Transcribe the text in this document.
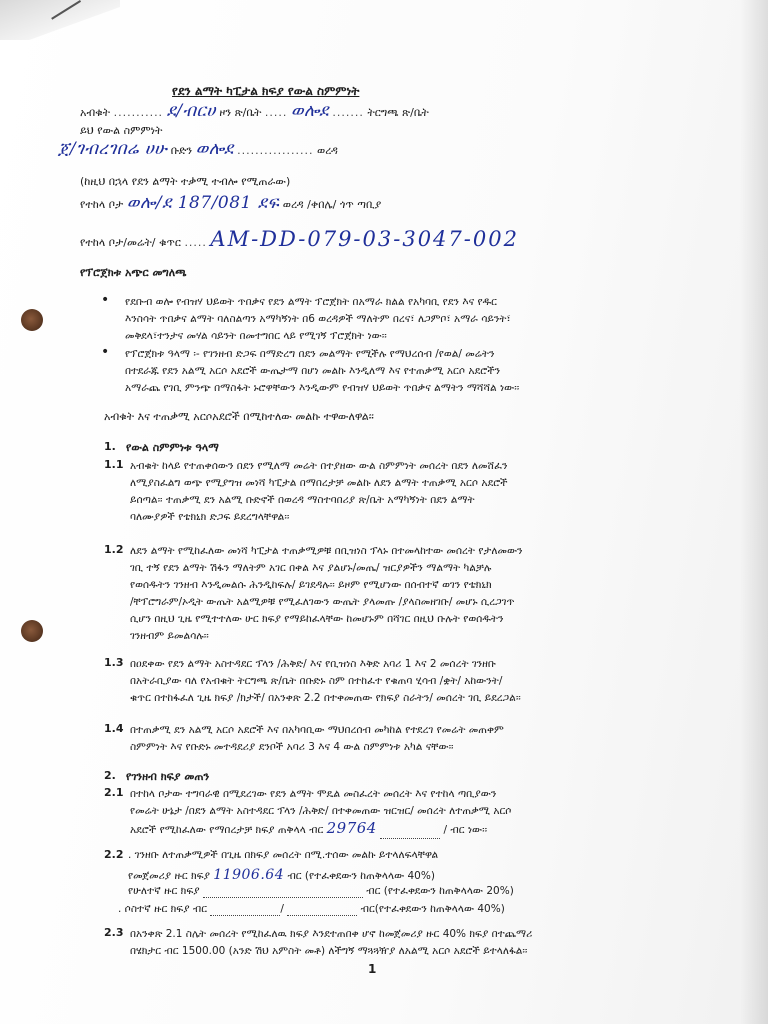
የደን ልማት ካፒታል ክፍያ የውል ስምምነት
አብቁት ........... ደ/ብርሀ ዞን ጽ/ቤት ..... ወሎደ ....... ትርግጫ ጽ/ቤት
ይህ የውል ስምምነት
ጀ/ገብረገበሬ ሀሁ ቡድን ወሎደ ................. ወረዳ
(ከዚህ በኋላ የደን ልማት ተቃሚ ተብሎ የሚጠራው)
የተከላ ቦታ ወሎ/ደ 187/081 ደፍ ወረዳ /ቀበሌ/ ጎጥ ጣቢያ
የተከላ ቦታ/መሬት/ ቁጥር ..... AM-DD-079-03-3047-002
የፕሮጀክቱ አጭር መግለጫ
• የደቡብ ወሎ የብዝሃ ህይወት ጥበቃና የደን ልማት ፕሮጀክት በአማራ ክልል የአካባቢ የደን እና የዱር
እንስሳት ጥበቃና ልማት ባለስልጣን አማካኝነት በ6 ወረዳዎች ማለትም በረና፣ ለጋምቦ፣ አማራ ሳይንት፣
መቅደላ፣ተንታና መሃል ሳይንት በመተግበር ላይ የሚገኝ ፕሮጀክት ነው፡፡
• የፕሮጀክቱ ዓላማ ፡- የገንዘብ ድጋፍ በማድረግ በደን መልማት የሚችሉ የማህረሰብ /የወል/ መሬትን
በተደራጁ የደን አልሚ አርሶ አደሮች ውጤታማ በሆነ መልኩ እንዲለማ እና የተጠቃሚ አርሶ አደሮችን
አማራጨ የገቢ ምንጭ በማስፋት ኑሮዋቸውን እንዲውም የብዝሃ ህይወት ጥበቃና ልማትን ማሻሻል ነው፡፡
አብቁት እና ተጠቃሚ አርሶአደሮች በሚከተለው መልኩ ተዋውለዋል፡፡
1. የውል ስምምነቱ ዓላማ
1.1 አብቁት ከላይ የተጠቀሰውን በደን የሚለማ መሬት በተያዘው ውል ስምምነት መሰረት በደን ለመሸፈን
ለሚያስፈልግ ወጭ የሚያግዝ መነሻ ካፒታል በማበረታቻ መልኩ ለደን ልማት ተጠቃሚ አርሶ አደሮች
ይሰጣል፡፡ ተጠቃሚ ደን አልሚ ቡድኖች በወረዳ ማስተባበሪያ ጽ/ቤት አማካኝነት በደን ልማት
ባለሙያዎች የቴክኒክ ድጋፍ ይደረግላቸዋል፡፡
1.2 ለደን ልማት የሚከፈለው መነሻ ካፒታል ተጠቃሚዎቹ በቢዝነስ ፕላኑ በተመላከተው መሰረት የታለመውን
ገቢ ተኝ የደን ልማት ሽፋን ማለትም አገር በቀል እና ያልሆኑ/መጤ/ ዝርያዎችን ማልማት ካልቻሉ
የወሰዱትን ገንዘብ እንዲመልሱ ሕንዲከፍሉ/ ይገደዳሉ፡፡ ይዞም የሚሆነው በሰብተኛ ወገን የቴክኒክ
/ቸፕሮግራም/ኦዲት ውጤት አልሚዎቹ የሚፈለገውን ውጤት ያላመጡ /ያላስመዘገቡ/ መሆኑ ሲረጋገጥ
ሲሆን በዚህ ጊዜ የሚተተለው ሁር ክፍያ የማይከፈላቸው ከመሆኑም በሻገር በዚህ ቡሉት የወሰዱትን
ገንዘብም ይመልሳሉ፡፡
1.3 በዐደቀው የደን ልማት አስተዳደር ፕላን /ሕቅድ/ እና የቢዝነስ እቅድ አባሪ 1 እና 2 መሰረት ገንዘቡ
በአትራቢያው ባለ የአብቁት ትርግጫ ጽ/ቤት በቡድኑ ስም በተከፈተ የቁጠባ ሂሳብ /ቋት/ አከውንት/
ቁጥር በተከፋፈለ ጊዜ ክፍያ /ክታች/ በአንቀጽ 2.2 በተቀመጠው የክፍያ ስራትን/ መሰረት ገቢ ይደረጋል፡፡
1.4 በተጠቃሚ ደን አልሚ አርሶ አደሮች እና በአካባቢው ማህበረሰብ መካከል የተደረገ የመሬት መጠቀም
ስምምነት እና የቡድኑ መተዳደሪያ ደንቦች አባሪ 3 እና 4 ውል ስምምነቱ አካል ናቸው፡፡
2. የገንዘብ ክፍያ መጠን
2.1 በተከላ ቦታው ተግባራዊ በሚደረገው የደን ልማት ሞዴል መስፈረት መሰረት እና የተከላ ጣቢያውን
የመሬት ሁኔታ /በደን ልማት አስተዳደር ፕላን /ሕቅድ/ በተቀመጠው ዝርዝር/ መሰረት ለተጠቃሚ አርሶ
አደሮች የሚከፈለው የማበረታቻ ክፍያ ጠቅላላ ብር 29764	/ ብር ነው፡፡
2.2 . ገንዘቡ ለተጠቃሚዎች በጊዜ በክፍያ መሰረት በሚ.ተሰው መልኩ ይተላለፍላቸዋል
የመጀመሪያ ዙር ክፍያ 11906.64 ብር (የተፈቀደውን ከጠቅላላው 40%)
የሁለተኛ ዙር ክፍያ	ብር (የተፈቀደውን ከጠቅላላው 20%)
. ሶስተኛ ዙር ክፍያ ብር	/	ብር(የተፈቀደውን ከጠቅላላው 40%)
2.3 በአንቀጽ 2.1 ስሌት መሰረት የሚከፈለዉ ክፍያ እንደተጠበቀ ሆኖ ከመጀመሪያ ዙር 40% ክፍያ በተጨማሪ
በሄክታር ብር 1500.00 (አንድ ሽህ አምስት መቶ) ለችግኝ ማጓጓዥያ ለአልሚ አርሶ አደሮች ይተላለፋል፡፡
1
